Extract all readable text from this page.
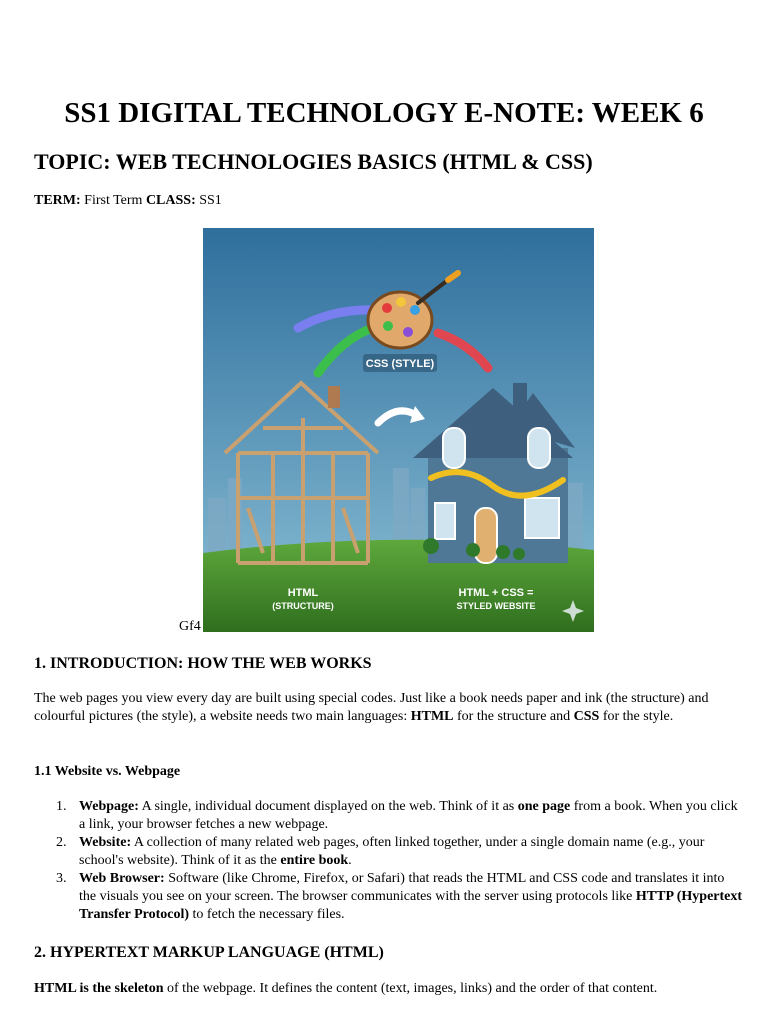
SS1 DIGITAL TECHNOLOGY E-NOTE: WEEK 6
TOPIC: WEB TECHNOLOGIES BASICS (HTML & CSS)
TERM: First Term CLASS: SS1
CSS (STYLE)
HTML
(STRUCTURE)
HTML + CSS =
STYLED WEBSITE
Gf4
1. INTRODUCTION: HOW THE WEB WORKS

The web pages you view every day are built using special codes. Just like a book needs paper and ink (the structure) and colourful pictures (the style), a website needs two main languages: HTML for the structure and CSS for the style.

1.1 Website vs. Webpage
1. Webpage: A single, individual document displayed on the web. Think of it as one page from a book. When you click a link, your browser fetches a new webpage.
2. Website: A collection of many related web pages, often linked together, under a single domain name (e.g., your school's website). Think of it as the entire book.
3. Web Browser: Software (like Chrome, Firefox, or Safari) that reads the HTML and CSS code and translates it into the visuals you see on your screen. The browser communicates with the server using protocols like HTTP (Hypertext Transfer Protocol) to fetch the necessary files.
2. HYPERTEXT MARKUP LANGUAGE (HTML)

HTML is the skeleton of the webpage. It defines the content (text, images, links) and the order of that content.
